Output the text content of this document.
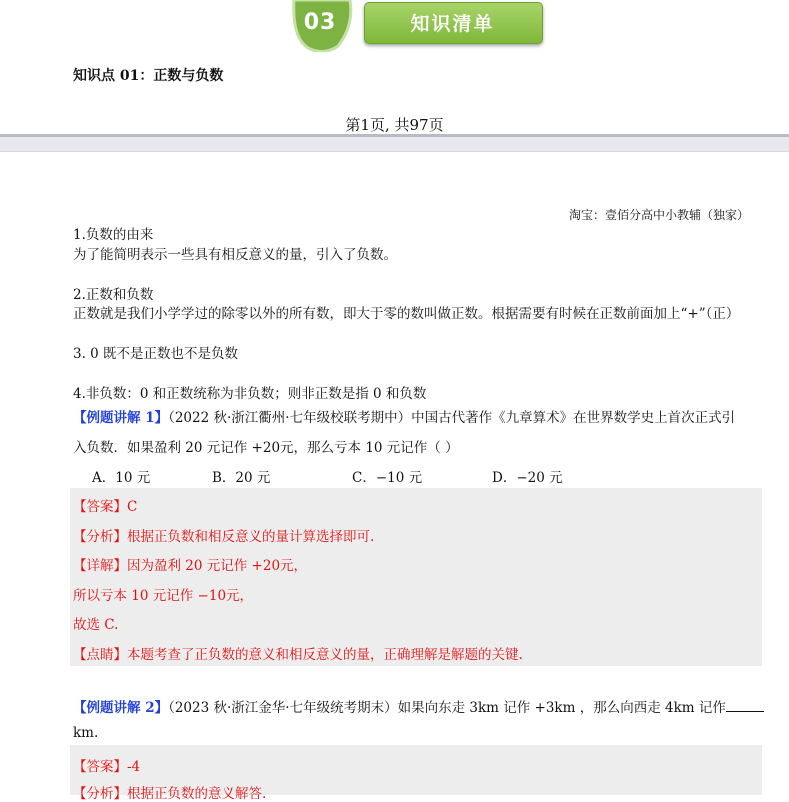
03	知识清单
知识点 01：正数与负数
第1页, 共97页
淘宝：壹佰分高中小教辅（独家）
1.负数的由来
为了能简明表示一些具有相反意义的量，引入了负数。
2.正数和负数
正数就是我们小学学过的除零以外的所有数，即大于零的数叫做正数。根据需要有时候在正数前面加上“+”（正）
3. 0 既不是正数也不是负数
4.非负数：0 和正数统称为非负数；则非正数是指 0 和负数
【例题讲解 1】（2022 秋·浙江衢州·七年级校联考期中）中国古代著作《九章算术》在世界数学史上首次正式引
入负数．如果盈利 20 元记作 +20元，那么亏本 10 元记作（ ）
A．10 元	B．20 元	C．−10 元	D．−20 元
【答案】C
【分析】根据正负数和相反意义的量计算选择即可.
【详解】因为盈利 20 元记作 +20元，
所以亏本 10 元记作 −10元，
故选 C.
【点睛】本题考查了正负数的意义和相反意义的量，正确理解是解题的关键.
【例题讲解 2】（2023 秋·浙江金华·七年级统考期末）如果向东走 3km 记作 +3km ，那么向西走 4km 记作
km.
【答案】-4
【分析】根据正负数的意义解答.
